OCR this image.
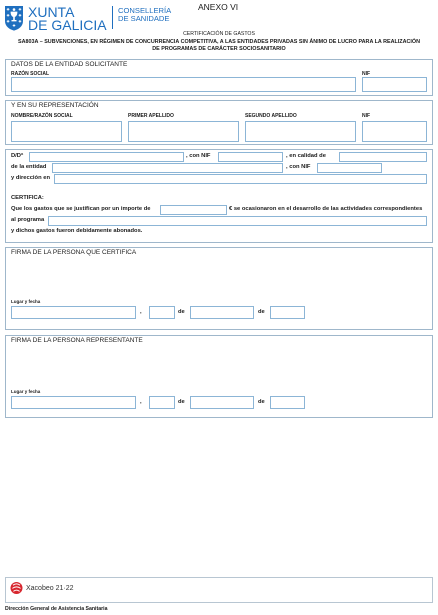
XUNTA
DE GALICIA
CONSELLERÍA
DE SANIDADE
ANEXO VI
CERTIFICACIÓN DE GASTOS
SA803A – SUBVENCIONES, EN RÉGIMEN DE CONCURRENCIA COMPETITIVA, A LAS ENTIDADES PRIVADAS SIN ÁNIMO DE LUCRO PARA LA REALIZACIÓN
DE PROGRAMAS DE CARÁCTER SOCIOSANITARIO
DATOS DE LA ENTIDAD SOLICITANTE
RAZÓN SOCIAL	NIF
Y EN SU REPRESENTACIÓN
NOMBRE/RAZÓN SOCIAL	PRIMER APELLIDO	SEGUNDO APELLIDO	NIF
D/Dª	, con NIF	, en calidad de
de la entidad	, con NIF
y dirección en
CERTIFICA:
Que los gastos que se justifican por un importe de	€ se ocasionaron en el desarrollo de las actividades correspondientes
al programa
y dichos gastos fueron debidamente abonados.
FIRMA DE LA PERSONA QUE CERTIFICA
Lugar y fecha
,	de	de
FIRMA DE LA PERSONA REPRESENTANTE
Lugar y fecha
,	de	de
Xacobeo 21·22
Dirección General de Asistencia Sanitaria
